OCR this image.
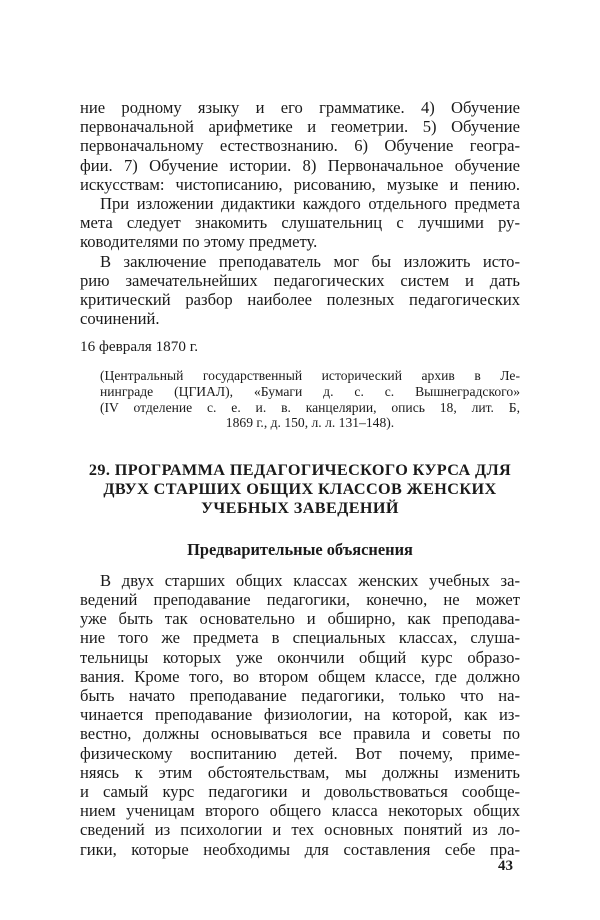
ние родному языку и его грамматике. 4) Обучение
первоначальной арифметике и геометрии. 5) Обучение
первоначальному естествознанию. 6) Обучение геогра-
фии. 7) Обучение истории. 8) Первоначальное обучение
искусствам: чистописанию, рисованию, музыке и пению.

При изложении дидактики каждого отдельного предмета
мета следует знакомить слушательниц с лучшими ру-
ководителями по этому предмету.

В заключение преподаватель мог бы изложить исто-
рию замечательнейших педагогических систем и дать
критический разбор наиболее полезных педагогических
сочинений.

16 февраля 1870 г.

(Центральный государственный исторический архив в Ле-
нинграде (ЦГИАЛ), «Бумаги д. с. с. Вышнеградского»
(IV отделение с. е. и. в. канцелярии, опись 18, лит. Б,
1869 г., д. 150, л. л. 131–148).
29. ПРОГРАММА ПЕДАГОГИЧЕСКОГО КУРСА ДЛЯ
ДВУХ СТАРШИХ ОБЩИХ КЛАССОВ ЖЕНСКИХ
УЧЕБНЫХ ЗАВЕДЕНИЙ
Предварительные объяснения

В двух старших общих классах женских учебных за-
ведений преподавание педагогики, конечно, не может
уже быть так основательно и обширно, как преподава-
ние того же предмета в специальных классах, слуша-
тельницы которых уже окончили общий курс образо-
вания. Кроме того, во втором общем классе, где должно
быть начато преподавание педагогики, только что на-
чинается преподавание физиологии, на которой, как из-
вестно, должны основываться все правила и советы по
физическому воспитанию детей. Вот почему, приме-
няясь к этим обстоятельствам, мы должны изменить
и самый курс педагогики и довольствоваться сообще-
нием ученицам второго общего класса некоторых общих
сведений из психологии и тех основных понятий из ло-
гики, которые необходимы для составления себе пра-

43
